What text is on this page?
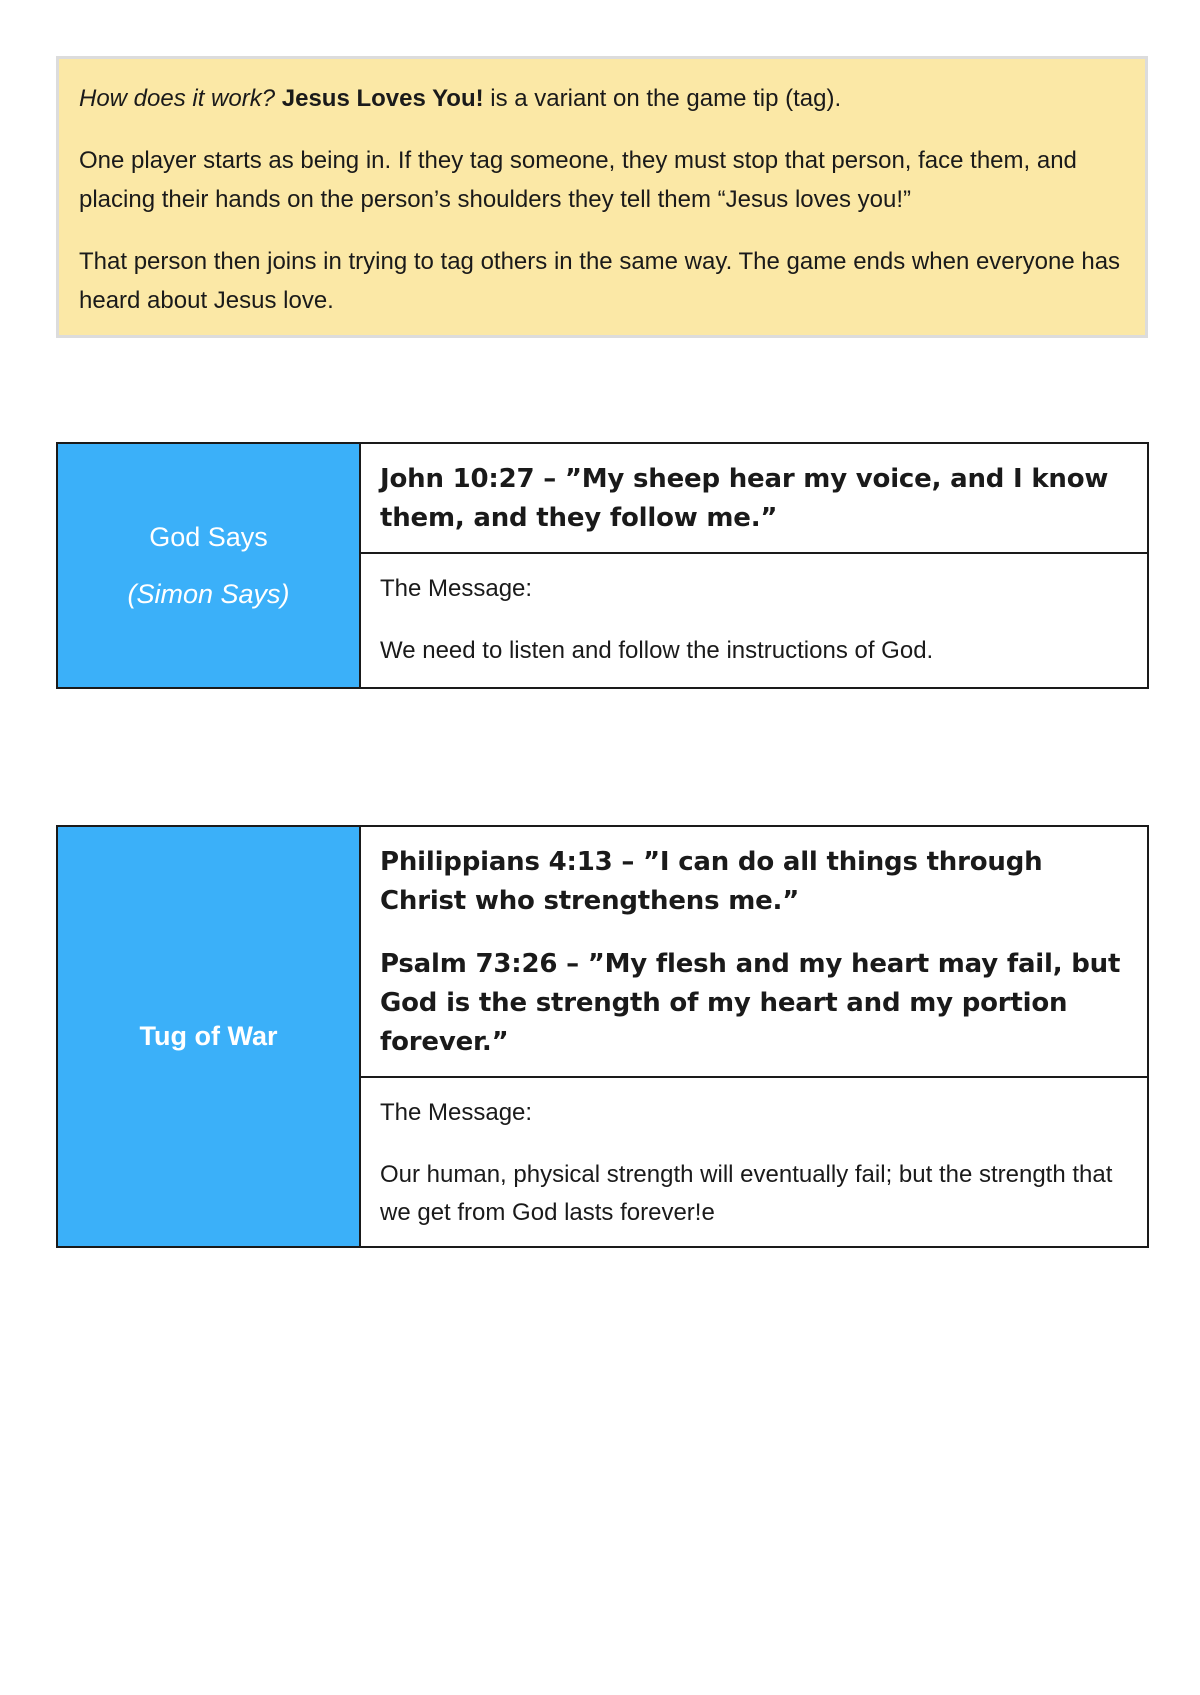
How does it work? Jesus Loves You! is a variant on the game tip (tag).

One player starts as being in. If they tag someone, they must stop that person, face them, and placing their hands on the person’s shoulders they tell them “Jesus loves you!”

That person then joins in trying to tag others in the same way. The game ends when everyone has heard about Jesus love.

God Says
(Simon Says)

John 10:27 – ”My sheep hear my voice, and I know them, and they follow me.”

The Message:

We need to listen and follow the instructions of God.

Tug of War

Philippians 4:13 – ”I can do all things through Christ who strengthens me.”

Psalm 73:26 – ”My flesh and my heart may fail, but God is the strength of my heart and my portion forever.”

The Message:

Our human, physical strength will eventually fail; but the strength that we get from God lasts forever!e
